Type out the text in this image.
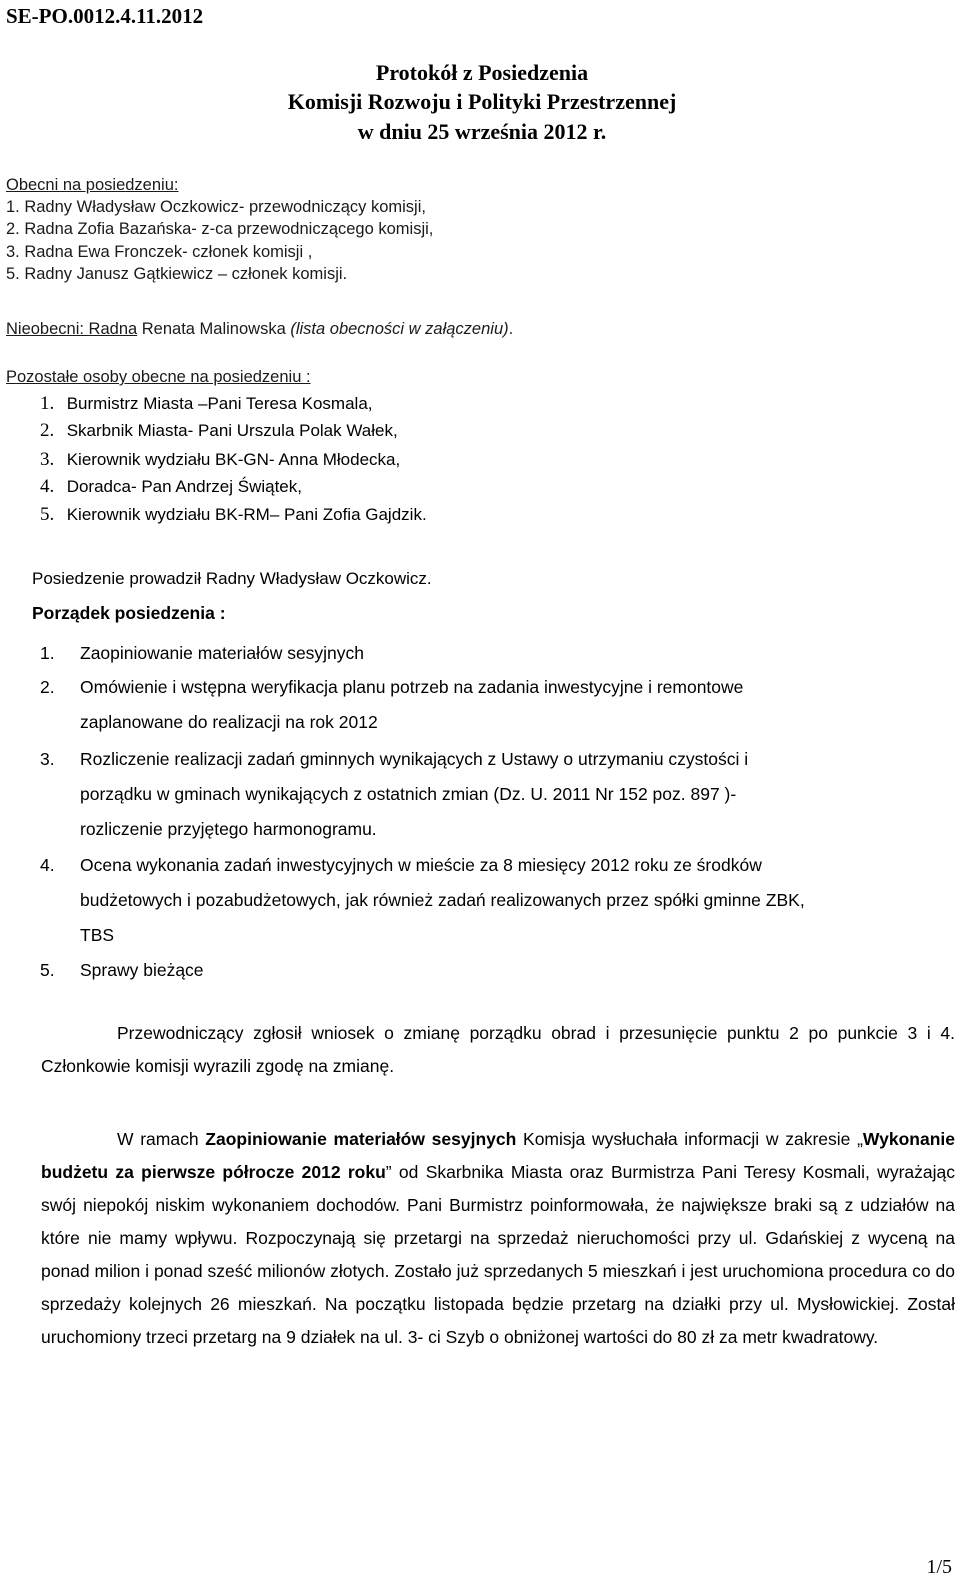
SE-PO.0012.4.11.2012
Protokół z Posiedzenia
Komisji Rozwoju i Polityki Przestrzennej
w dniu 25 września 2012 r.
Obecni na posiedzeniu:
1. Radny Władysław Oczkowicz- przewodniczący komisji,
2. Radna Zofia Bazańska- z-ca przewodniczącego komisji,
3. Radna Ewa Fronczek- członek komisji ,
5. Radny Janusz Gątkiewicz – członek komisji.
Nieobecni: Radna Renata Malinowska (lista obecności w załączeniu).
Pozostałe osoby obecne na posiedzeniu :
1. Burmistrz Miasta –Pani Teresa Kosmala,
2. Skarbnik Miasta- Pani Urszula Polak Wałek,
3. Kierownik wydziału BK-GN- Anna Młodecka,
4. Doradca- Pan Andrzej Świątek,
5. Kierownik wydziału BK-RM– Pani Zofia Gajdzik.
Posiedzenie prowadził Radny Władysław Oczkowicz.
Porządek posiedzenia :
1. Zaopiniowanie materiałów sesyjnych
2. Omówienie i wstępna weryfikacja planu potrzeb na zadania inwestycyjne i remontowe
zaplanowane do realizacji na rok 2012
3. Rozliczenie realizacji zadań gminnych wynikających z Ustawy o utrzymaniu czystości i
porządku w gminach wynikających z ostatnich zmian (Dz. U. 2011 Nr 152 poz. 897 )-
rozliczenie przyjętego harmonogramu.
4. Ocena wykonania zadań inwestycyjnych w mieście za 8 miesięcy 2012 roku ze środków
budżetowych i pozabudżetowych, jak również zadań realizowanych przez spółki gminne ZBK,
TBS
5. Sprawy bieżące
Przewodniczący zgłosił wniosek o zmianę porządku obrad i przesunięcie punktu 2 po punkcie 3 i 4. Członkowie komisji wyrazili zgodę na zmianę.
W ramach Zaopiniowanie materiałów sesyjnych Komisja wysłuchała informacji w zakresie „Wykonanie budżetu za pierwsze półrocze 2012 roku” od Skarbnika Miasta oraz Burmistrza Pani Teresy Kosmali, wyrażając swój niepokój niskim wykonaniem dochodów. Pani Burmistrz poinformowała, że największe braki są z udziałów na które nie mamy wpływu. Rozpoczynają się przetargi na sprzedaż nieruchomości przy ul. Gdańskiej z wyceną na ponad milion i ponad sześć milionów złotych. Zostało już sprzedanych 5 mieszkań i jest uruchomiona procedura co do sprzedaży kolejnych 26 mieszkań. Na początku listopada będzie przetarg na działki przy ul. Mysłowickiej. Został uruchomiony trzeci przetarg na 9 działek na ul. 3- ci Szyb o obniżonej wartości do 80 zł za metr kwadratowy.
1/5
